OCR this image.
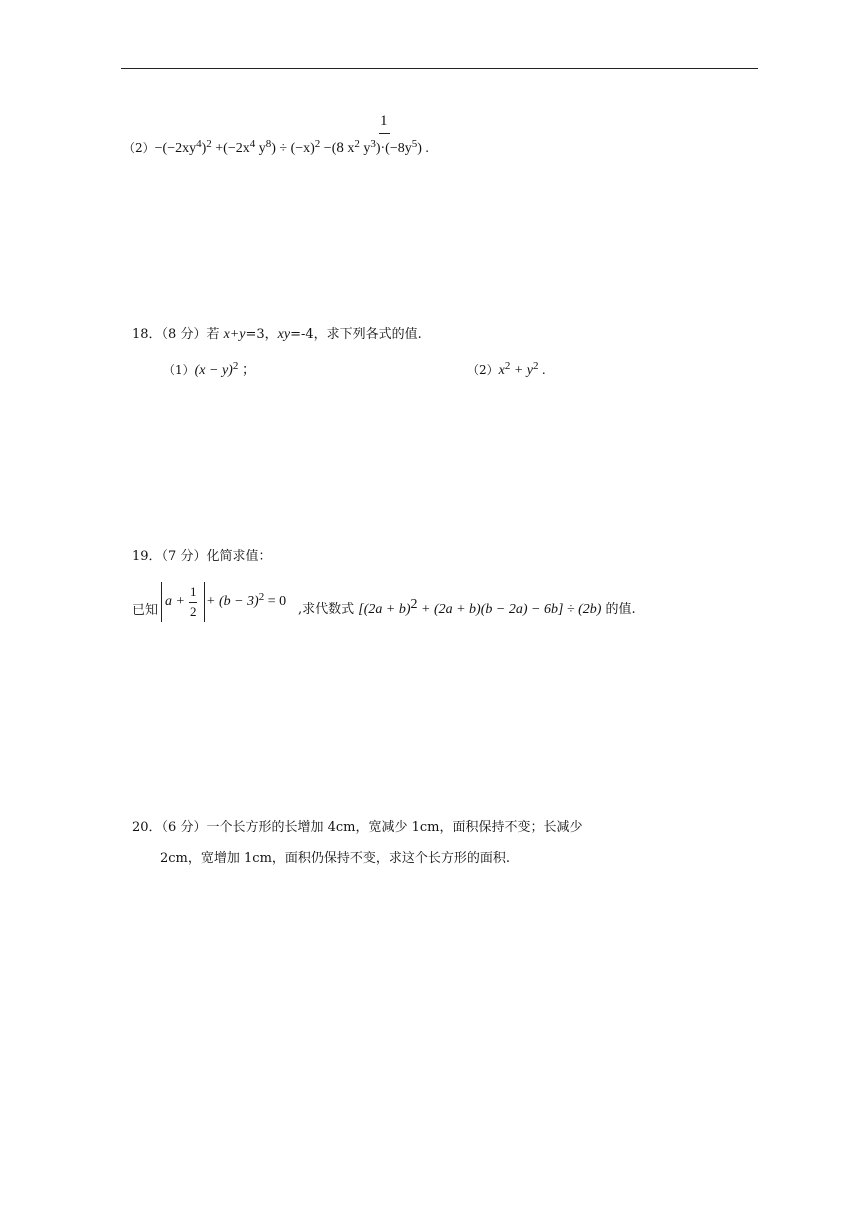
1
$(2)-(-2xy^4)^2 +(-2x^4$ $y^8) \div (-x)^2 -(8$ $x^2$ $y^3)\cdot(-8y^5)$ .
18．（8 分）若 x+y=3，xy=-4，求下列各式的值.
$(1)(x - y)^2$ ；	$(2)x^2 + y^2$ .
19．（7 分）化简求值：
已知
a +
1
2
+ $(b - 3)^2 = 0$
,求代数式 $[(2a + b)^2 + (2a + b)(b - 2a) - 6b] \div (2b)$ 的值.
20．（6 分）一个长方形的长增加 4cm，宽减少 1cm，面积保持不变；长减少
2cm，宽增加 1cm，面积仍保持不变，求这个长方形的面积.
